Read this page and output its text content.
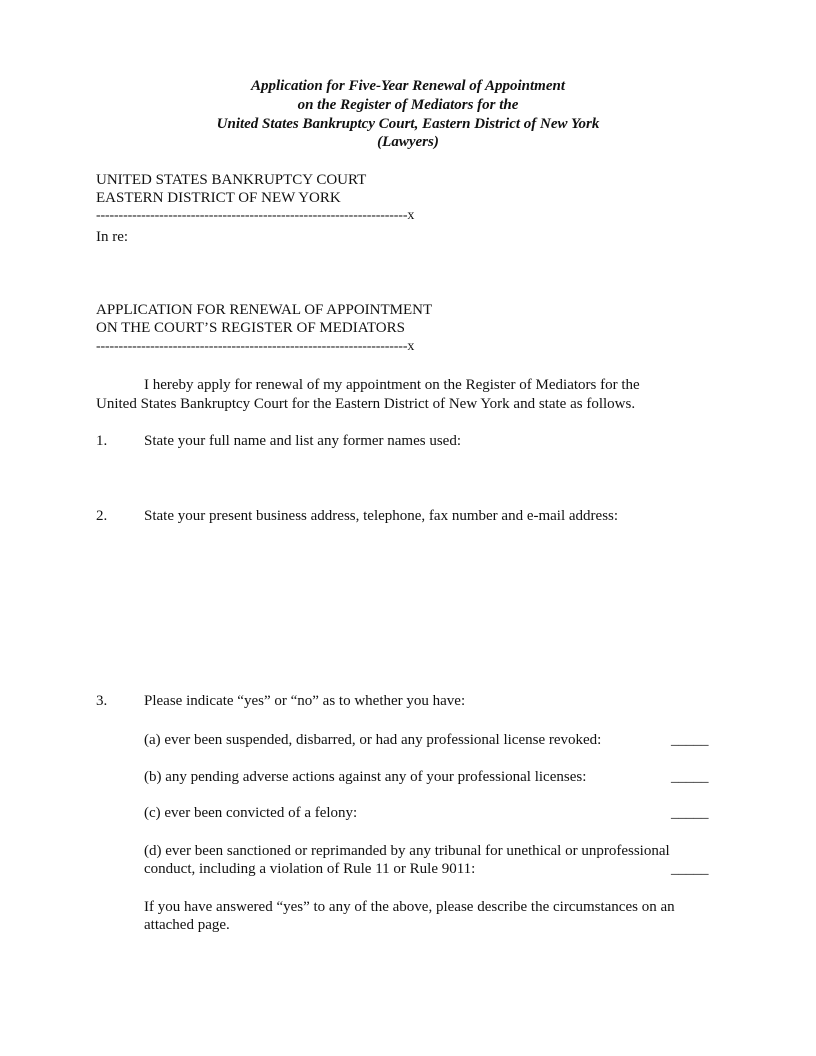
Application for Five-Year Renewal of Appointment
on the Register of Mediators for the
United States Bankruptcy Court, Eastern District of New York
(Lawyers)
UNITED STATES BANKRUPTCY COURT
EASTERN DISTRICT OF NEW YORK
---------------------------------------------------------------------x
In re:
APPLICATION FOR RENEWAL OF APPOINTMENT
ON THE COURT’S REGISTER OF MEDIATORS
---------------------------------------------------------------------x
I hereby apply for renewal of my appointment on the Register of Mediators for the
United States Bankruptcy Court for the Eastern District of New York and state as follows.
1. State your full name and list any former names used:
2. State your present business address, telephone, fax number and e-mail address:
3. Please indicate “yes” or “no” as to whether you have:
(a) ever been suspended, disbarred, or had any professional license revoked:	_____
(b) any pending adverse actions against any of your professional licenses:	_____
(c) ever been convicted of a felony:	_____
(d) ever been sanctioned or reprimanded by any tribunal for unethical or unprofessional
conduct, including a violation of Rule 11 or Rule 9011:	_____
If you have answered “yes” to any of the above, please describe the circumstances on an
attached page.
